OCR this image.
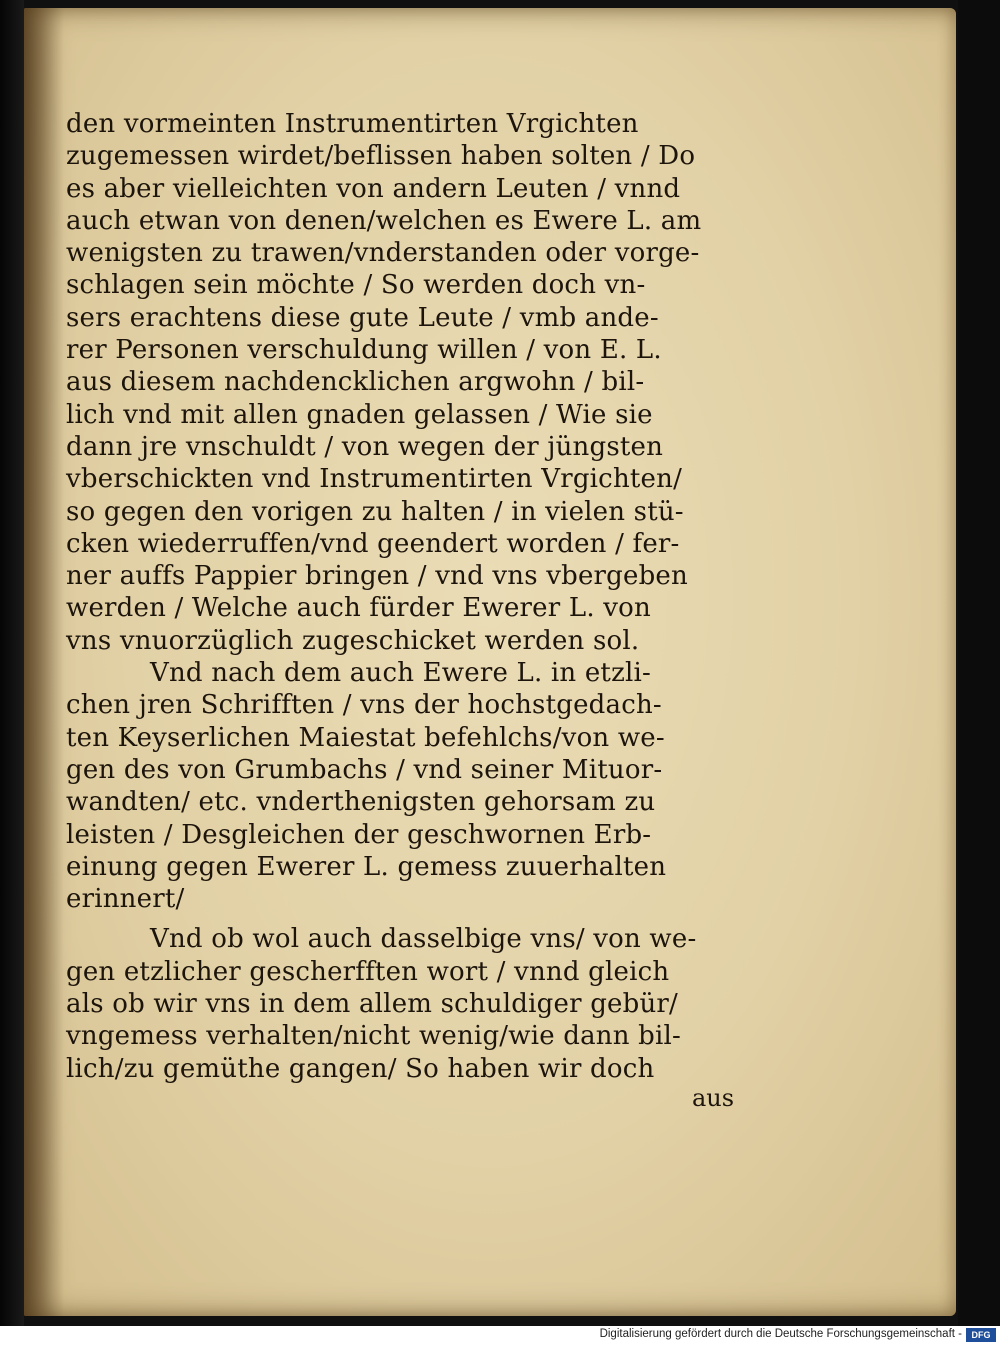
den vormeinten Instrumentirten Vrgichten
zugemessen wirdet/beflissen haben solten / Do
es aber vielleichten von andern Leuten / vnnd
auch etwan von denen/welchen es Ewere L. am
wenigsten zu trawen/vnderstanden oder vorge-
schlagen sein möchte / So werden doch vn-
sers erachtens diese gute Leute / vmb ande-
rer Personen verschuldung willen / von E. L.
aus diesem nachdencklichen argwohn / bil-
lich vnd mit allen gnaden gelassen / Wie sie
dann jre vnschuldt / von wegen der jüngsten
vberschickten vnd Instrumentirten Vrgichten/
so gegen den vorigen zu halten / in vielen stü-
cken wiederruffen/vnd geendert worden / fer-
ner auffs Pappier bringen / vnd vns vbergeben
werden / Welche auch fürder Ewerer L. von
vns vnuorzüglich zugeschicket werden sol.
Vnd nach dem auch Ewere L. in etzli-
chen jren Schrifften / vns der hochstgedach-
ten Keyserlichen Maiestat befehlchs/von we-
gen des von Grumbachs / vnd seiner Mituor-
wandten/ etc. vnderthenigsten gehorsam zu
leisten / Desgleichen der geschwornen Erb-
einung gegen Ewerer L. gemess zuuerhalten
erinnert/
Vnd ob wol auch dasselbige vns/ von we-
gen etzlicher gescherfften wort / vnnd gleich
als ob wir vns in dem allem schuldiger gebür/
vngemess verhalten/nicht wenig/wie dann bil-
lich/zu gemüthe gangen/ So haben wir doch
aus
Digitalisierung gefördert durch die Deutsche Forschungsgemeinschaft -	DFG
